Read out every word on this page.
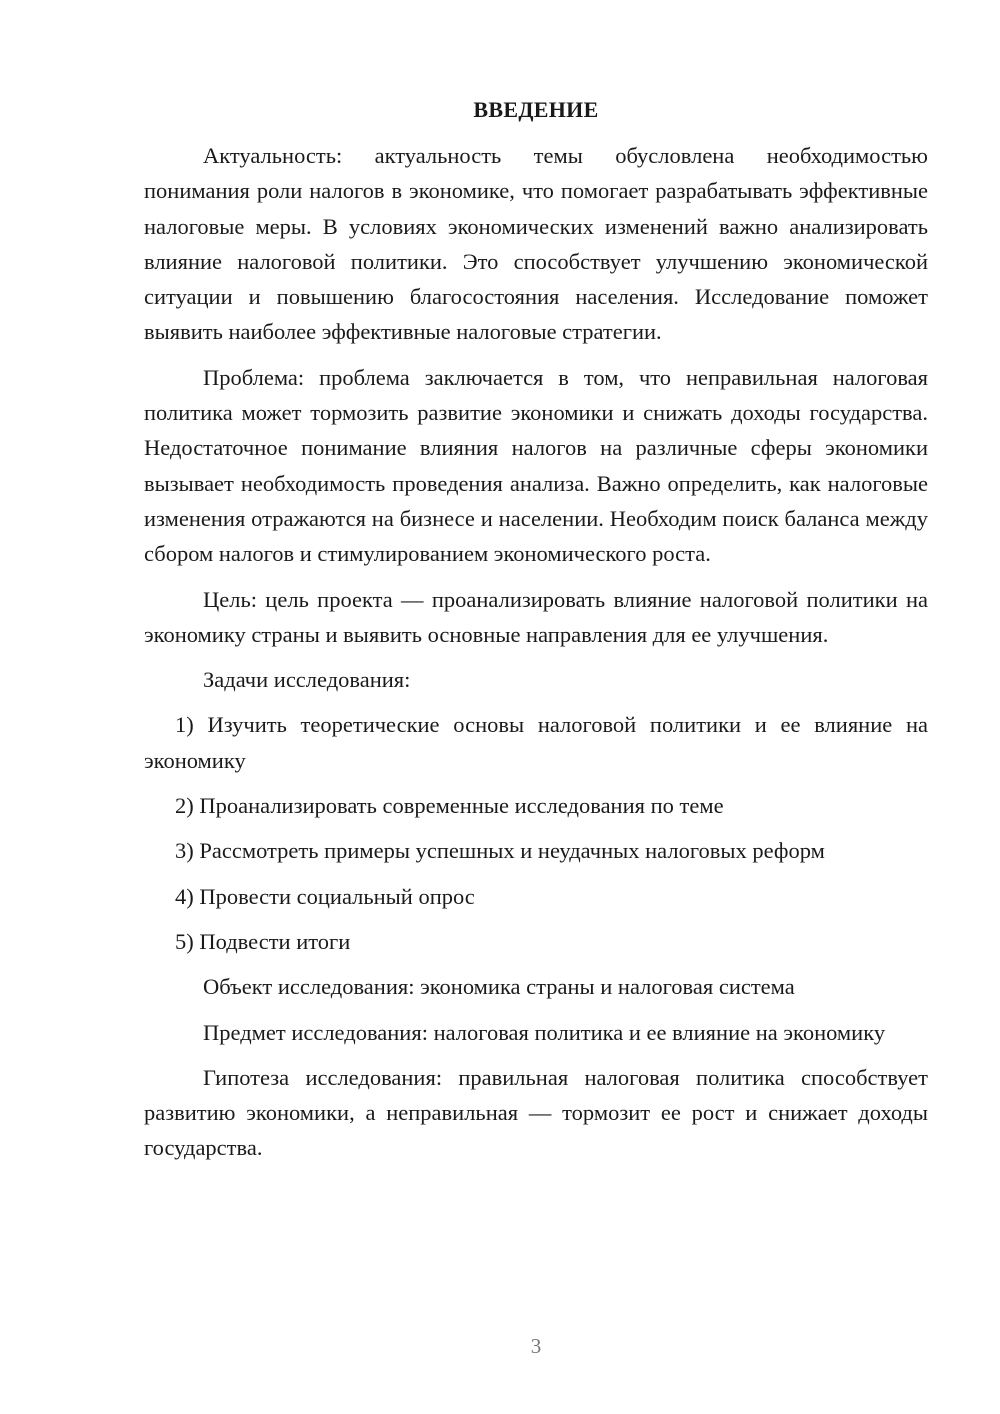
ВВЕДЕНИЕ

Актуальность: актуальность темы обусловлена необходимостью понимания роли налогов в экономике, что помогает разрабатывать эффективные налоговые меры. В условиях экономических изменений важно анализировать влияние налоговой политики. Это способствует улучшению экономической ситуации и повышению благосостояния населения. Исследование поможет выявить наиболее эффективные налоговые стратегии.

Проблема: проблема заключается в том, что неправильная налоговая политика может тормозить развитие экономики и снижать доходы государства. Недостаточное понимание влияния налогов на различные сферы экономики вызывает необходимость проведения анализа. Важно определить, как налоговые изменения отражаются на бизнесе и населении. Необходим поиск баланса между сбором налогов и стимулированием экономического роста.

Цель: цель проекта — проанализировать влияние налоговой политики на экономику страны и выявить основные направления для ее улучшения.

Задачи исследования:

1) Изучить теоретические основы налоговой политики и ее влияние на экономику

2) Проанализировать современные исследования по теме

3) Рассмотреть примеры успешных и неудачных налоговых реформ

4) Провести социальный опрос

5) Подвести итоги

Объект исследования: экономика страны и налоговая система

Предмет исследования: налоговая политика и ее влияние на экономику

Гипотеза исследования: правильная налоговая политика способствует развитию экономики, а неправильная — тормозит ее рост и снижает доходы государства.

3
